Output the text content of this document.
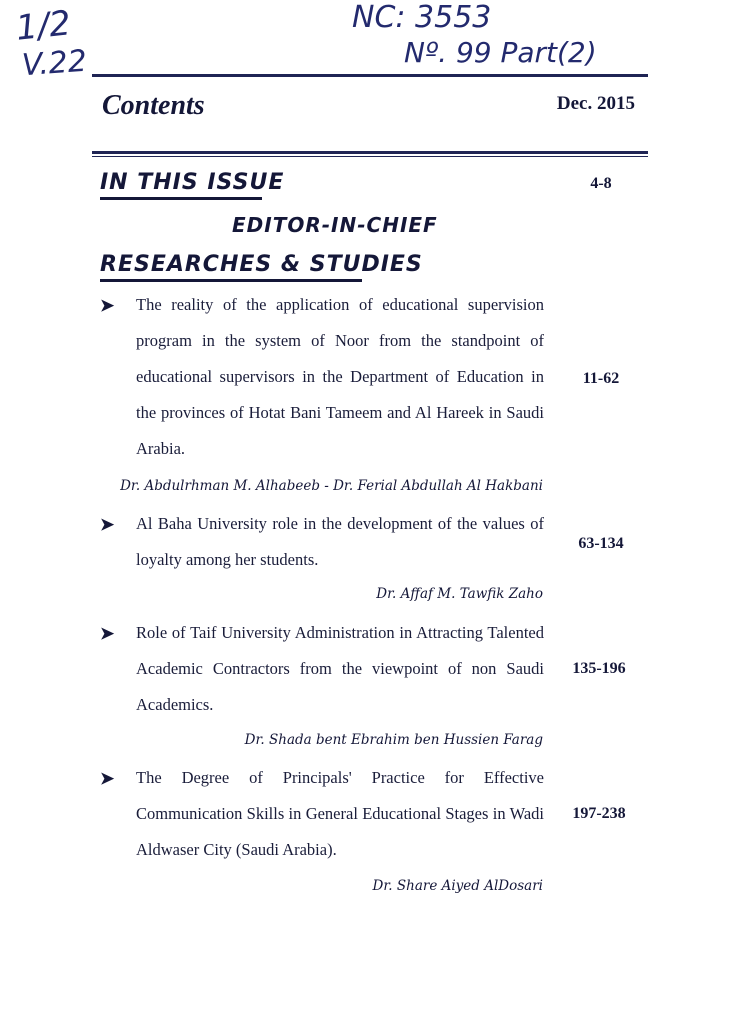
1/2
V.22
NC: 3553
Nº. 99 Part(2)
Contents	Dec. 2015
IN THIS ISSUE	4-8
EDITOR-IN-CHIEF
RESEARCHES & STUDIES
➤ The reality of the application of educational supervision program in the system of Noor from the standpoint of educational supervisors in the Department of Education in the provinces of Hotat Bani Tameem and Al Hareek in Saudi Arabia.
11-62
Dr. Abdulrhman M. Alhabeeb - Dr. Ferial Abdullah Al Hakbani
➤ Al Baha University role in the development of the values of loyalty among her students.
63-134
Dr. Affaf M. Tawfik Zaho
➤ Role of Taif University Administration in Attracting Talented Academic Contractors from the viewpoint of non Saudi Academics.
135-196
Dr. Shada bent Ebrahim ben Hussien Farag
➤ The Degree of Principals' Practice for Effective Communication Skills in General Educational Stages in Wadi Aldwaser City (Saudi Arabia).
197-238
Dr. Share Aiyed AlDosari
